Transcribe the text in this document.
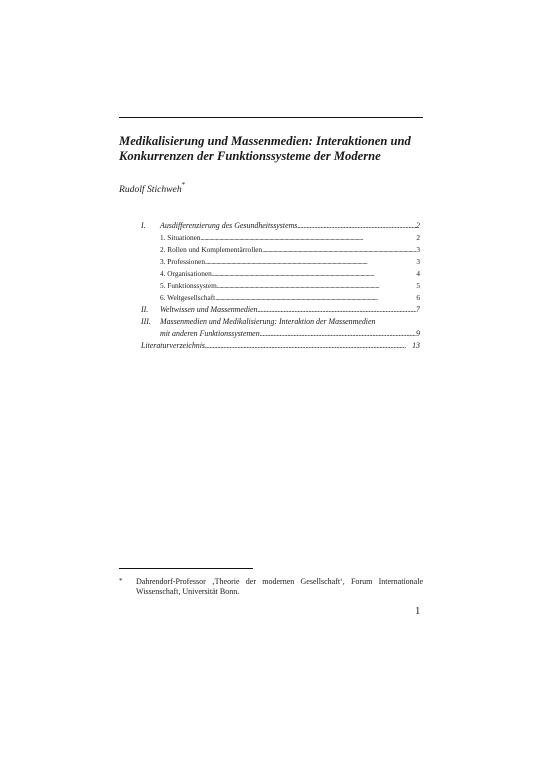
Medikalisierung und Massenmedien: Interaktionen und
Konkurrenzen der Funktionssysteme der Moderne
Rudolf Stichweh*
I.	Ausdifferenzierung des Gesundheitssystems . . .	2
1. Situationen . . .	2
2. Rollen und Komplementärrollen . . .	3
3. Professionen . . .	3
4. Organisationen . . .	4
5. Funktionssystem . . .	5
6. Weltgesellschaft . . .	6
II.	Weltwissen und Massenmedien . . .	7
III.	Massenmedien und Medikalisierung: Interaktion der Massenmedien
mit anderen Funktionssystemen . . .	9
Literaturverzeichnis . . .	13
* Dahrendorf-Professor ‚Theorie der modernen Gesellschaft‘, Forum Internationale Wissenschaft, Universität Bonn.
1
